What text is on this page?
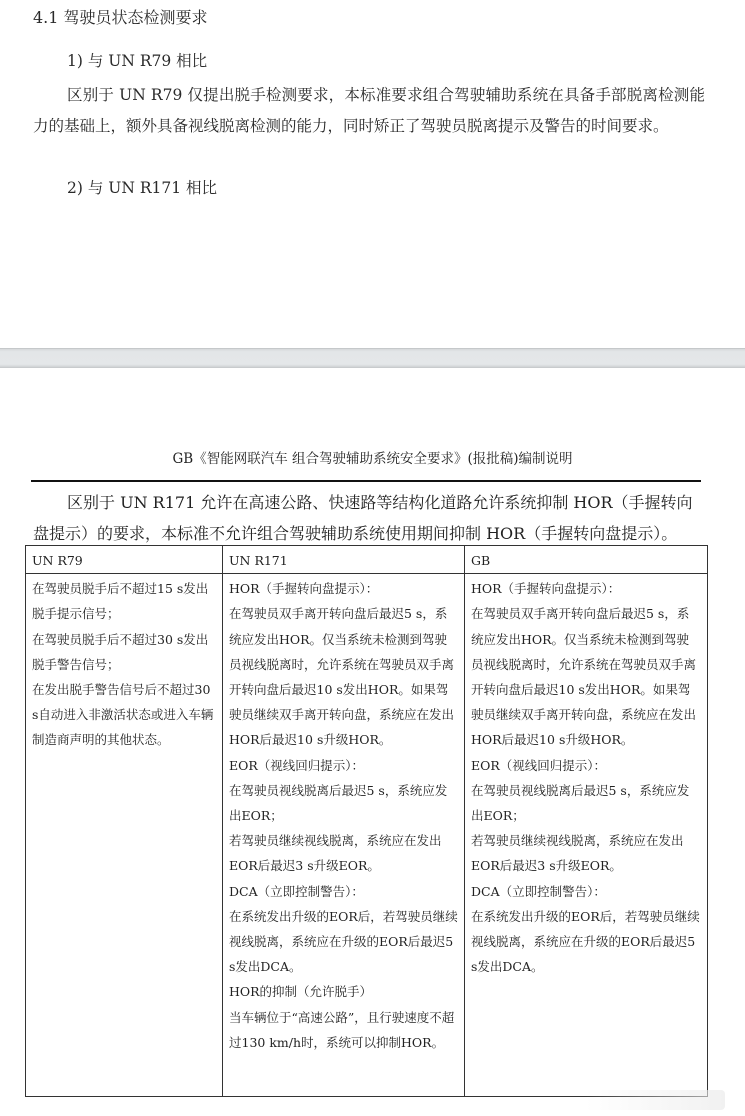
4.1 驾驶员状态检测要求
1) 与 UN R79 相比
区别于 UN R79 仅提出脱手检测要求，本标准要求组合驾驶辅助系统在具备手部脱离检测能力的基础上，额外具备视线脱离检测的能力，同时矫正了驾驶员脱离提示及警告的时间要求。
2) 与 UN R171 相比
GB《智能网联汽车 组合驾驶辅助系统安全要求》(报批稿)编制说明
区别于 UN R171 允许在高速公路、快速路等结构化道路允许系统抑制 HOR（手握转向盘提示）的要求，本标准不允许组合驾驶辅助系统使用期间抑制 HOR（手握转向盘提示）。
UN R79	UN R171	GB

在驾驶员脱手后不超过15 s发出脱手提示信号；
在驾驶员脱手后不超过30 s发出脱手警告信号；
在发出脱手警告信号后不超过30 s自动进入非激活状态或进入车辆制造商声明的其他状态。

HOR（手握转向盘提示）：
在驾驶员双手离开转向盘后最迟5 s，系统应发出HOR。仅当系统未检测到驾驶员视线脱离时，允许系统在驾驶员双手离开转向盘后最迟10 s发出HOR。如果驾驶员继续双手离开转向盘，系统应在发出HOR后最迟10 s升级HOR。
EOR（视线回归提示）：
在驾驶员视线脱离后最迟5 s，系统应发出EOR；
若驾驶员继续视线脱离，系统应在发出EOR后最迟3 s升级EOR。
DCA（立即控制警告）：
在系统发出升级的EOR后，若驾驶员继续视线脱离，系统应在升级的EOR后最迟5 s发出DCA。
HOR的抑制（允许脱手）
当车辆位于“高速公路”，且行驶速度不超过130 km/h时，系统可以抑制HOR。

HOR（手握转向盘提示）：
在驾驶员双手离开转向盘后最迟5 s，系统应发出HOR。仅当系统未检测到驾驶员视线脱离时，允许系统在驾驶员双手离开转向盘后最迟10 s发出HOR。如果驾驶员继续双手离开转向盘，系统应在发出HOR后最迟10 s升级HOR。
EOR（视线回归提示）：
在驾驶员视线脱离后最迟5 s，系统应发出EOR；
若驾驶员继续视线脱离，系统应在发出EOR后最迟3 s升级EOR。
DCA（立即控制警告）：
在系统发出升级的EOR后，若驾驶员继续视线脱离，系统应在升级的EOR后最迟5 s发出DCA。
